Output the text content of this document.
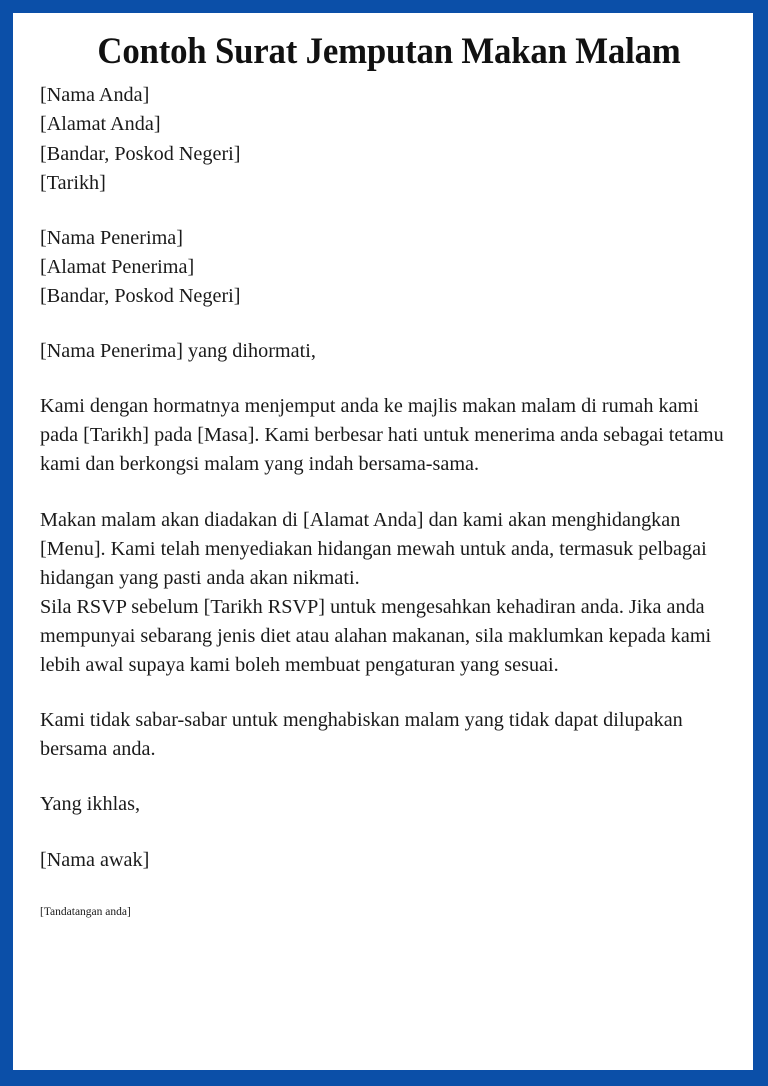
Contoh Surat Jemputan Makan Malam
[Nama Anda]
[Alamat Anda]
[Bandar, Poskod Negeri]
[Tarikh]
[Nama Penerima]
[Alamat Penerima]
[Bandar, Poskod Negeri]
[Nama Penerima] yang dihormati,
Kami dengan hormatnya menjemput anda ke majlis makan malam di rumah kami pada [Tarikh] pada [Masa]. Kami berbesar hati untuk menerima anda sebagai tetamu kami dan berkongsi malam yang indah bersama-sama.
Makan malam akan diadakan di [Alamat Anda] dan kami akan menghidangkan [Menu]. Kami telah menyediakan hidangan mewah untuk anda, termasuk pelbagai hidangan yang pasti anda akan nikmati.
Sila RSVP sebelum [Tarikh RSVP] untuk mengesahkan kehadiran anda. Jika anda mempunyai sebarang jenis diet atau alahan makanan, sila maklumkan kepada kami lebih awal supaya kami boleh membuat pengaturan yang sesuai.
Kami tidak sabar-sabar untuk menghabiskan malam yang tidak dapat dilupakan bersama anda.
Yang ikhlas,
[Nama awak]
[Tandatangan anda]
